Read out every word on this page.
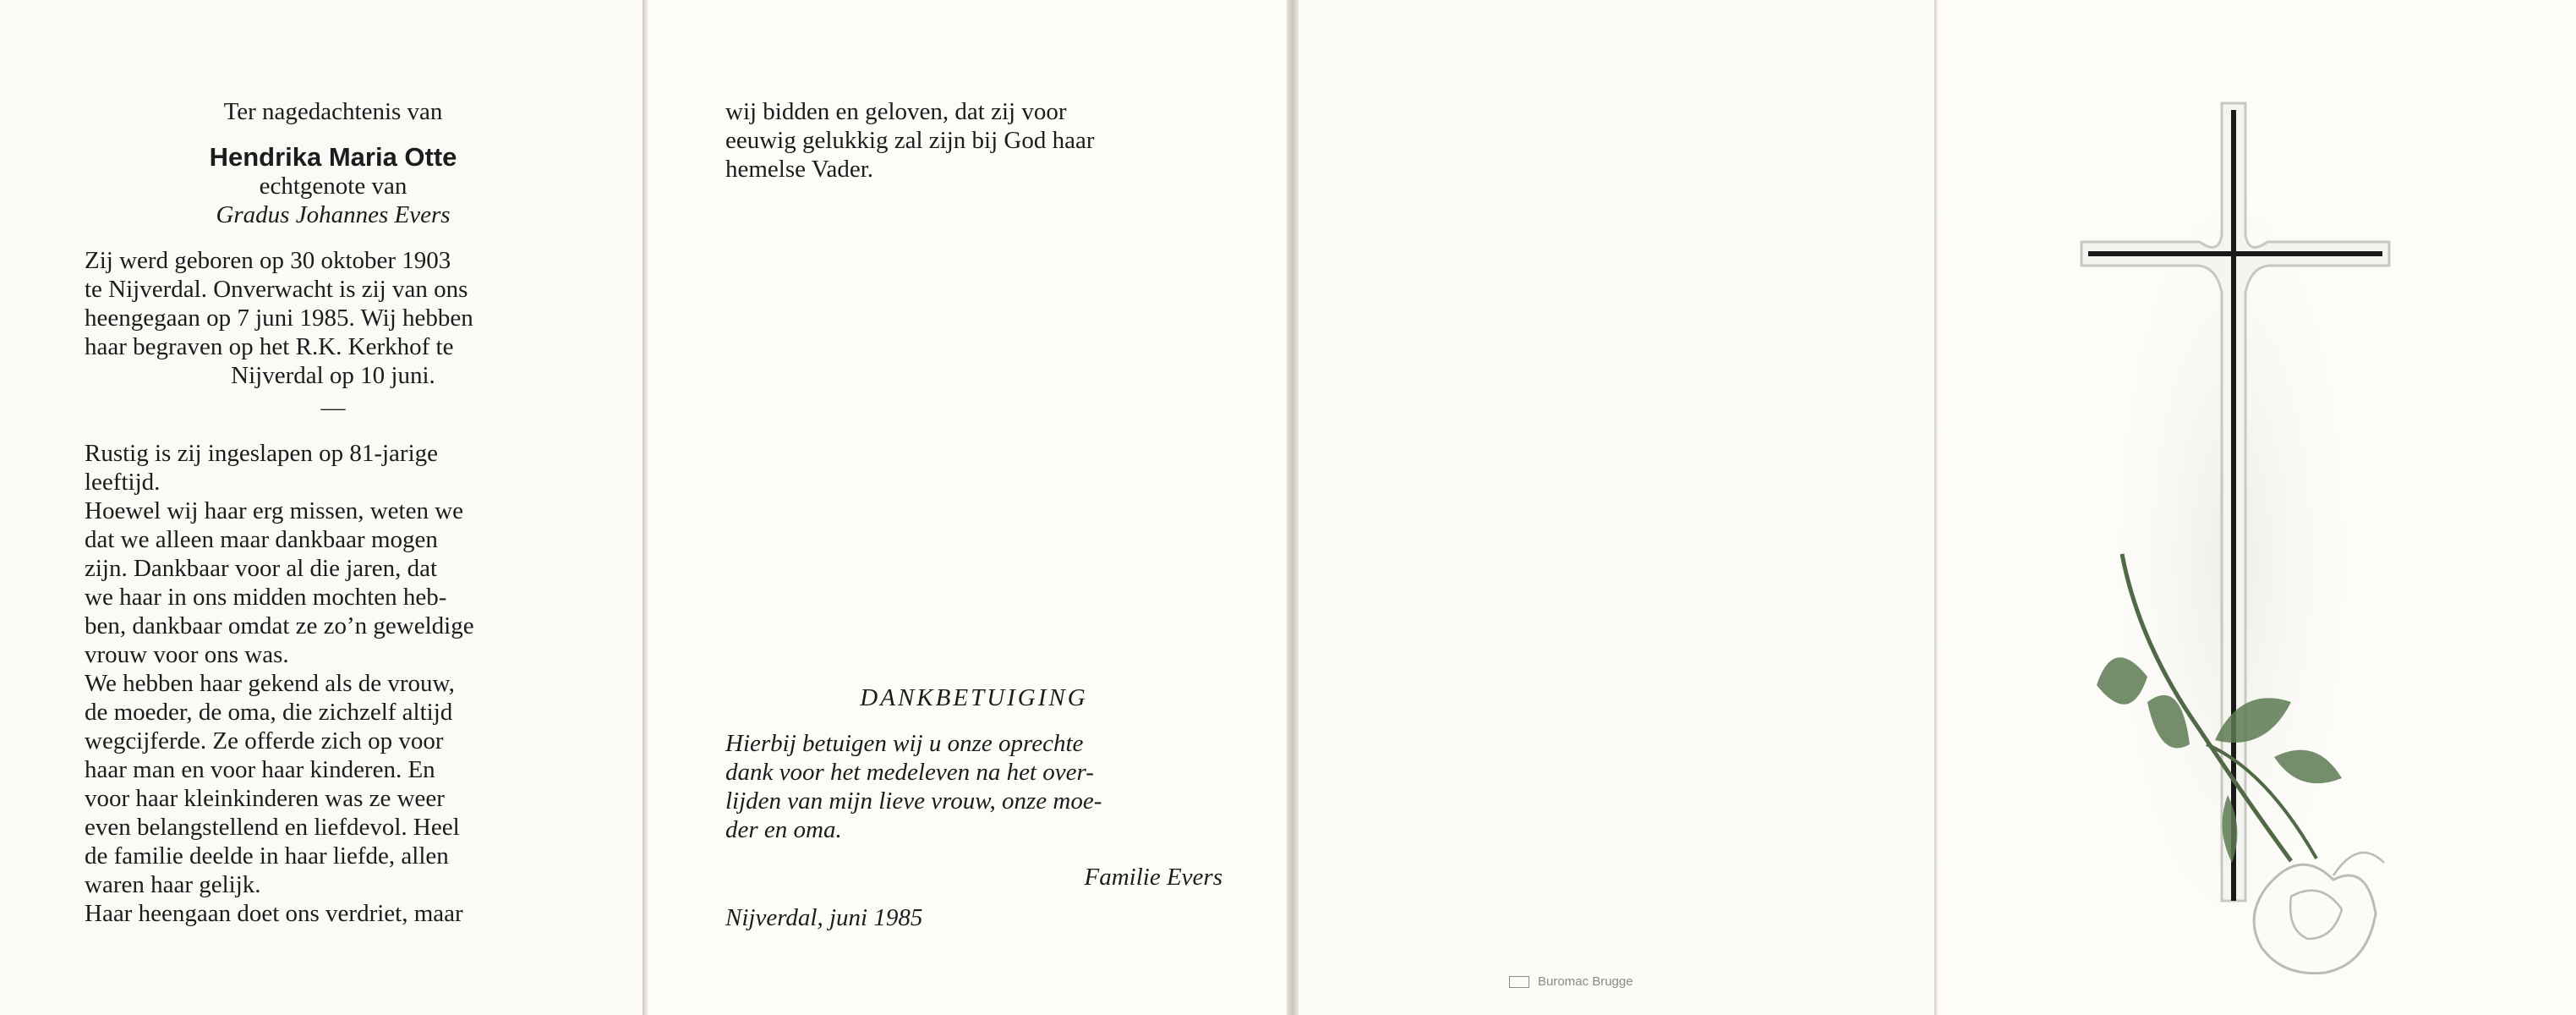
Ter nagedachtenis van
Hendrika Maria Otte
echtgenote van
Gradus Johannes Evers
Zij werd geboren op 30 oktober 1903
te Nijverdal. Onverwacht is zij van ons
heengegaan op 7 juni 1985. Wij hebben
haar begraven op het R.K. Kerkhof te
Nijverdal op 10 juni.
—
Rustig is zij ingeslapen op 81-jarige
leeftijd.
Hoewel wij haar erg missen, weten we
dat we alleen maar dankbaar mogen
zijn. Dankbaar voor al die jaren, dat
we haar in ons midden mochten heb-
ben, dankbaar omdat ze zo’n geweldige
vrouw voor ons was.
We hebben haar gekend als de vrouw,
de moeder, de oma, die zichzelf altijd
wegcijferde. Ze offerde zich op voor
haar man en voor haar kinderen. En
voor haar kleinkinderen was ze weer
even belangstellend en liefdevol. Heel
de familie deelde in haar liefde, allen
waren haar gelijk.
Haar heengaan doet ons verdriet, maar
wij bidden en geloven, dat zij voor
eeuwig gelukkig zal zijn bij God haar
hemelse Vader.
DANKBETUIGING
Hierbij betuigen wij u onze oprechte
dank voor het medeleven na het over-
lijden van mijn lieve vrouw, onze moe-
der en oma.
Familie Evers
Nijverdal, juni 1985
Buromac Brugge
